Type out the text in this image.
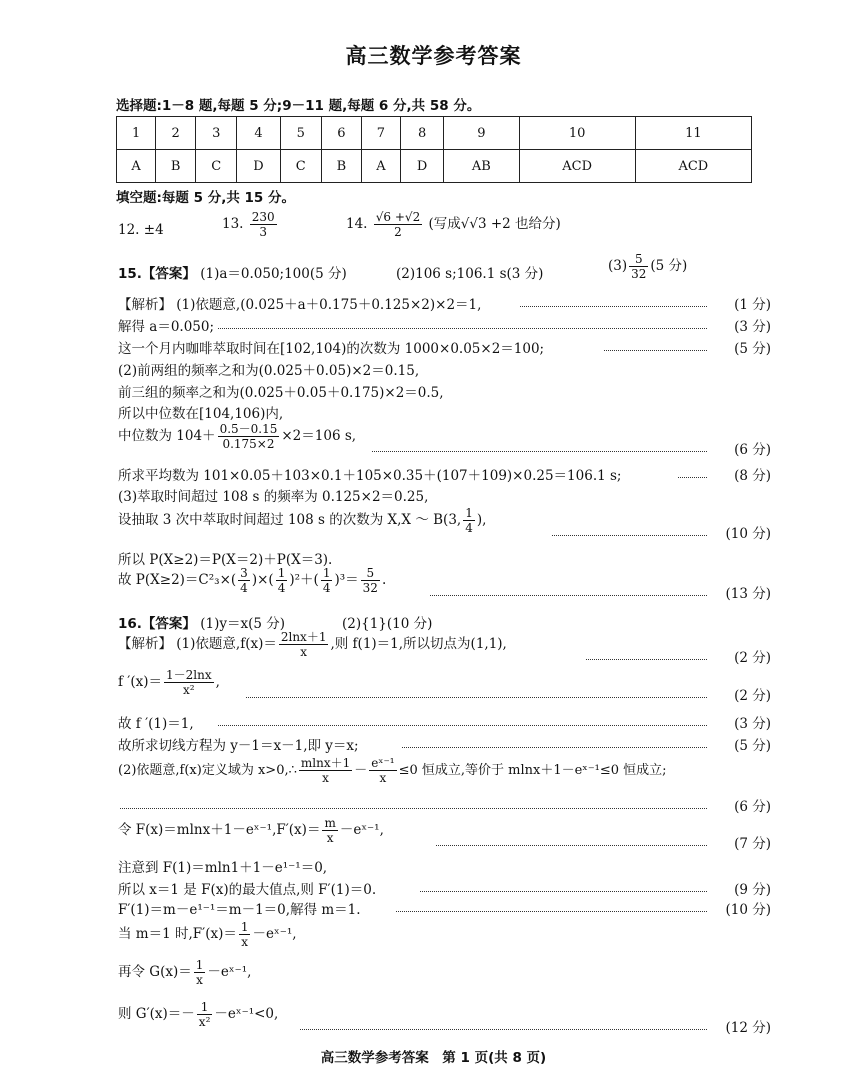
高三数学参考答案
选择题:1－8 题,每题 5 分;9－11 题,每题 6 分,共 58 分。
1	2	3	4	5	6	7	8	9	10	11
A	B	C	D	C	B	A	D	AB	ACD	ACD
填空题:每题 5 分,共 15 分。
12. ±4	13. $\frac{230}{3}$	14. $\frac{√6 +√2}{2}$ (写成√√3 +2 也给分)
15.【答案】 (1)a＝0.050;100(5 分)	(2)106 s;106.1 s(3 分)	$(3) \frac{5}{32} (5$ 分)
【解析】 (1)依题意,(0.025＋a＋0.175＋0.125×2)×2＝1,	(1 分)
解得 a＝0.050;	(3 分)
这一个月内咖啡萃取时间在[102,104)的次数为 1000×0.05×2＝100;	(5 分)
(2)前两组的频率之和为(0.025＋0.05)×2＝0.15,
前三组的频率之和为(0.025＋0.05＋0.175)×2＝0.5,
所以中位数在[104,106)内,
中位数为 $104+ \frac{0.5-0.15}{0.175\times 2} \times 2=106$ s,
(6 分)
所求平均数为 101×0.05＋103×0.1＋105×0.35＋(107＋109)×0.25＝106.1 s;	(8 分)
(3)萃取时间超过 108 s 的频率为 0.125×2＝0.25,
设抽取 3 次中萃取时间超过 108 s 的次数为 X,X ～ B(3, $\frac{1}{4}$ ),
(10 分)
所以 P(X≥2)＝P(X＝2)＋P(X＝3).
故 $P(X\ge 2)=C^2_3\times( \frac{3}{4}$ )×( $\frac{1}{4} )^2+( \frac{1}{4} )^3= \frac{5}{32}$ .
(13 分)
16.【答案】 (1)y＝x(5 分)	(2){1}(10 分)
【解析】 (1)依题意$,f(x)= \frac{2\ln x+1}{x}$ ,则 f(1)＝1,所以切点为(1,1),
(2 分)
f $'(x)= \frac{1-2\ln x}{\text{x²}}$ ,
(2 分)
故 f ′(1)＝1,	(3 分)
故所求切线方程为 y－1＝x－1,即 y＝x;	(5 分)
(2)依题意,f(x)定义域为 x>0,∴ $\frac{mlnx+1}{x} - \frac{\text{eˣ⁻¹}}{x} \le 0$ 恒成立,等价于 mlnx＋1－eˣ⁻¹≤0 恒成立;
(6 分)
令 F(x)＝mlnx＋1－eˣ⁻¹,F′(x)＝ $\frac{m}{x}$ －eˣ⁻¹,
(7 分)
注意到 F(1)＝mln1＋1－e¹⁻¹＝0,
所以 x＝1 是 F(x)的最大值点,则 F′(1)＝0.	(9 分)
F′(1)＝m－e¹⁻¹＝m－1＝0,解得 m＝1.	(10 分)
当 m＝1 时$,F'(x)= \frac{1}{x}$ －eˣ⁻¹,
再令 $G(x)= \frac{1}{x}$ －eˣ⁻¹,
则 $G'(x)=- \frac{1}{\text{x²}}$ －eˣ⁻¹<0,
(12 分)
高三数学参考答案　第 1 页(共 8 页)
